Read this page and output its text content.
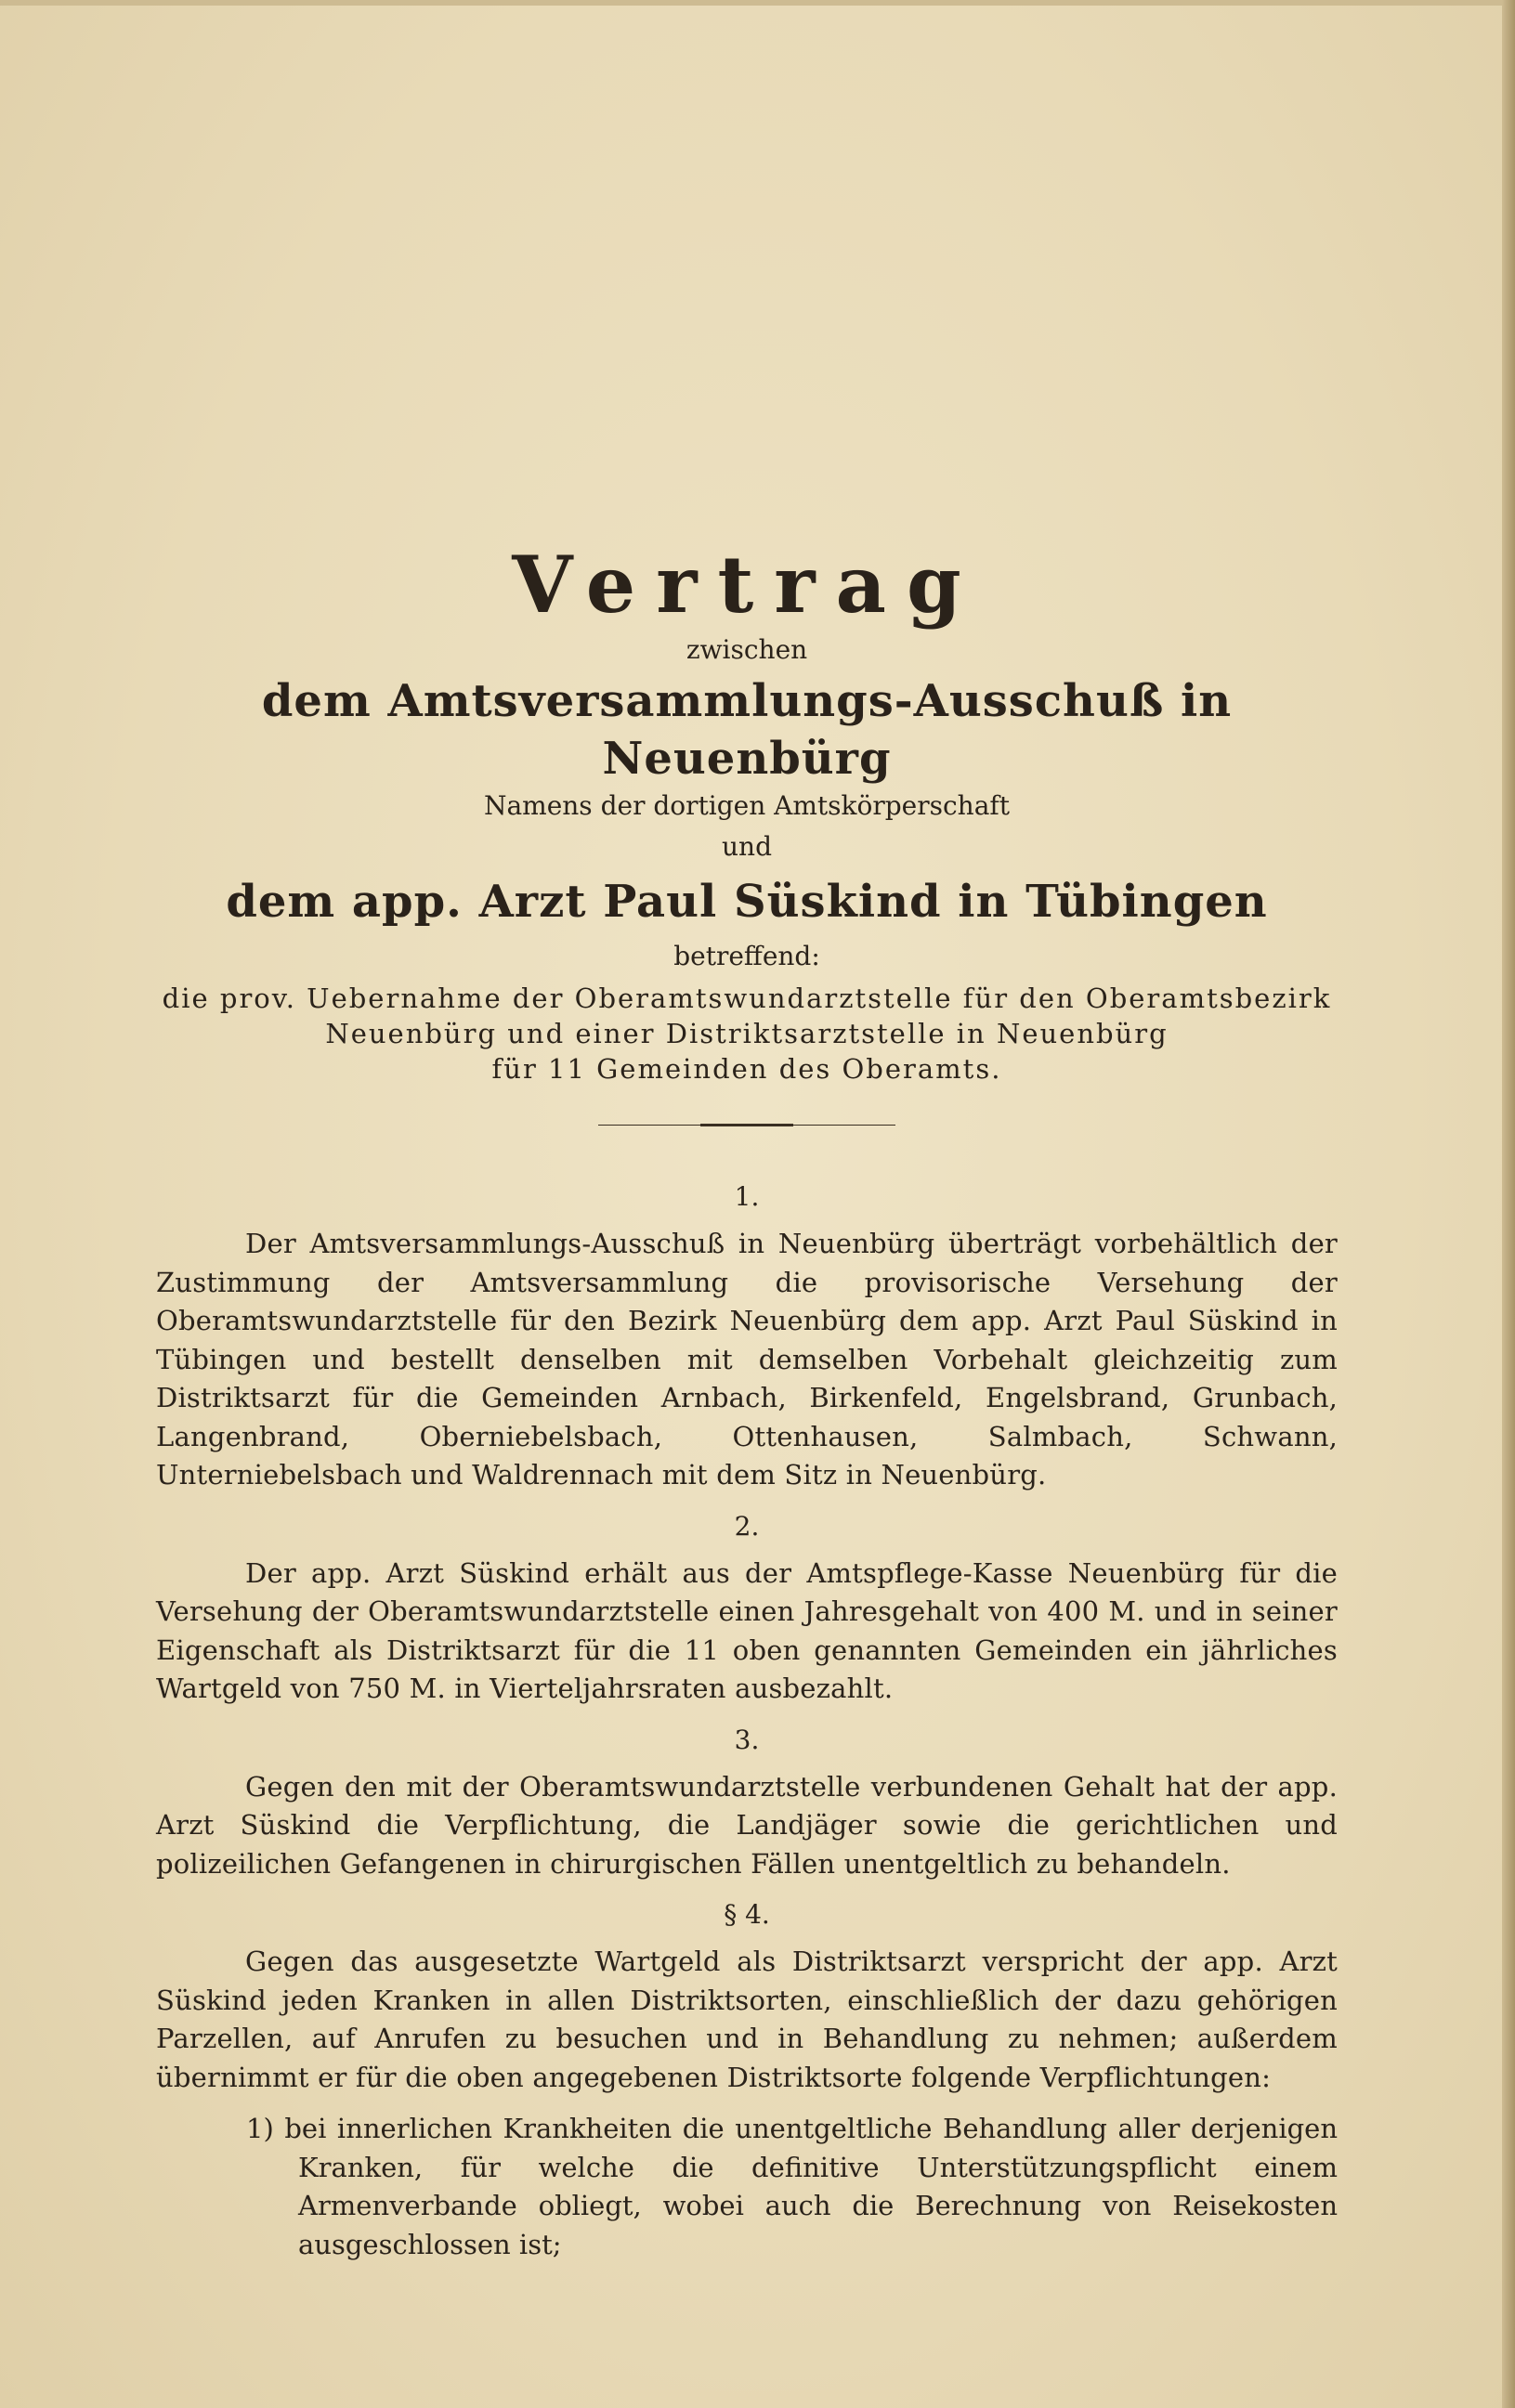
Vertrag
zwischen
dem Amtsversammlungs-Ausschuß in Neuenbürg
Namens der dortigen Amtskörperschaft
und
dem app. Arzt Paul Süskind in Tübingen
betreffend:
die prov. Uebernahme der Oberamtswundarztstelle für den Oberamtsbezirk
Neuenbürg und einer Distriktsarztstelle in Neuenbürg
für 11 Gemeinden des Oberamts.
1.

Der Amtsversammlungs-Ausschuß in Neuenbürg überträgt vorbehältlich der Zustimmung der Amtsversammlung die provisorische Versehung der Oberamtswundarztstelle für den Bezirk Neuenbürg dem app. Arzt Paul Süskind in Tübingen und bestellt denselben mit demselben Vorbehalt gleichzeitig zum Distriktsarzt für die Gemeinden Arnbach, Birkenfeld, Engelsbrand, Grunbach, Langenbrand, Oberniebelsbach, Ottenhausen, Salmbach, Schwann, Unterniebelsbach und Waldrennach mit dem Sitz in Neuenbürg.

2.

Der app. Arzt Süskind erhält aus der Amtspflege-Kasse Neuenbürg für die Versehung der Oberamtswundarztstelle einen Jahresgehalt von 400 M. und in seiner Eigenschaft als Distriktsarzt für die 11 oben genannten Gemeinden ein jährliches Wartgeld von 750 M. in Vierteljahrsraten ausbezahlt.

3.

Gegen den mit der Oberamtswundarztstelle verbundenen Gehalt hat der app. Arzt Süskind die Verpflichtung, die Landjäger sowie die gerichtlichen und polizeilichen Gefangenen in chirurgischen Fällen unentgeltlich zu behandeln.

§ 4.

Gegen das ausgesetzte Wartgeld als Distriktsarzt verspricht der app. Arzt Süskind jeden Kranken in allen Distriktsorten, einschließlich der dazu gehörigen Parzellen, auf Anrufen zu besuchen und in Behandlung zu nehmen; außerdem übernimmt er für die oben angegebenen Distriktsorte folgende Verpflichtungen:

1) bei innerlichen Krankheiten die unentgeltliche Behandlung aller derjenigen Kranken, für welche die definitive Unterstützungspflicht einem Armenverbande obliegt, wobei auch die Berechnung von Reisekosten ausgeschlossen ist;
